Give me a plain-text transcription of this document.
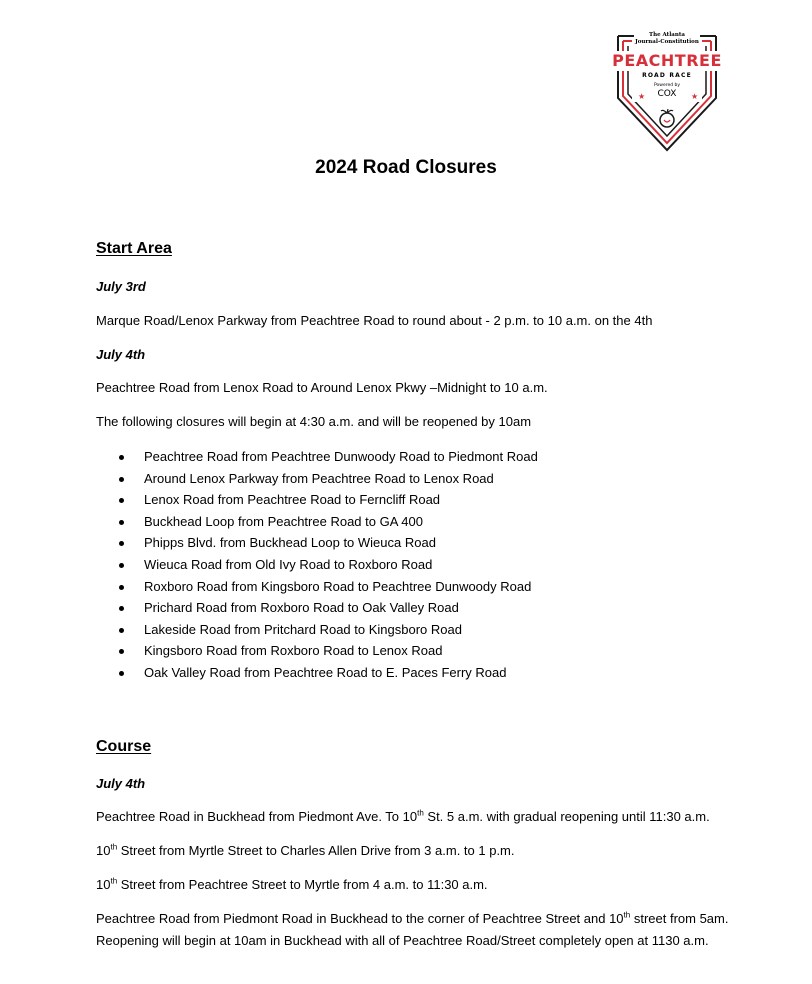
★	★
The Atlanta
Journal-Constitution
PEACHTREE
ROAD RACE
Powered by
COX
2024 Road Closures
Start Area
July 3rd
Marque Road/Lenox Parkway from Peachtree Road to round about - 2 p.m. to 10 a.m. on the 4th
July 4th
Peachtree Road from Lenox Road to Around Lenox Pkwy –Midnight to 10 a.m.
The following closures will begin at 4:30 a.m. and will be reopened by 10am
Peachtree Road from Peachtree Dunwoody Road to Piedmont Road
Around Lenox Parkway from Peachtree Road to Lenox Road
Lenox Road from Peachtree Road to Ferncliff Road
Buckhead Loop from Peachtree Road to GA 400
Phipps Blvd. from Buckhead Loop to Wieuca Road
Wieuca Road from Old Ivy Road to Roxboro Road
Roxboro Road from Kingsboro Road to Peachtree Dunwoody Road
Prichard Road from Roxboro Road to Oak Valley Road
Lakeside Road from Pritchard Road to Kingsboro Road
Kingsboro Road from Roxboro Road to Lenox Road
Oak Valley Road from Peachtree Road to E. Paces Ferry Road
Course
July 4th
Peachtree Road in Buckhead from Piedmont Ave. To 10th St. 5 a.m. with gradual reopening until 11:30 a.m.
10th Street from Myrtle Street to Charles Allen Drive from 3 a.m. to 1 p.m.
10th Street from Peachtree Street to Myrtle from 4 a.m. to 11:30 a.m.
Peachtree Road from Piedmont Road in Buckhead to the corner of Peachtree Street and 10th street from 5am. Reopening will begin at 10am in Buckhead with all of Peachtree Road/Street completely open at 1130 a.m.
